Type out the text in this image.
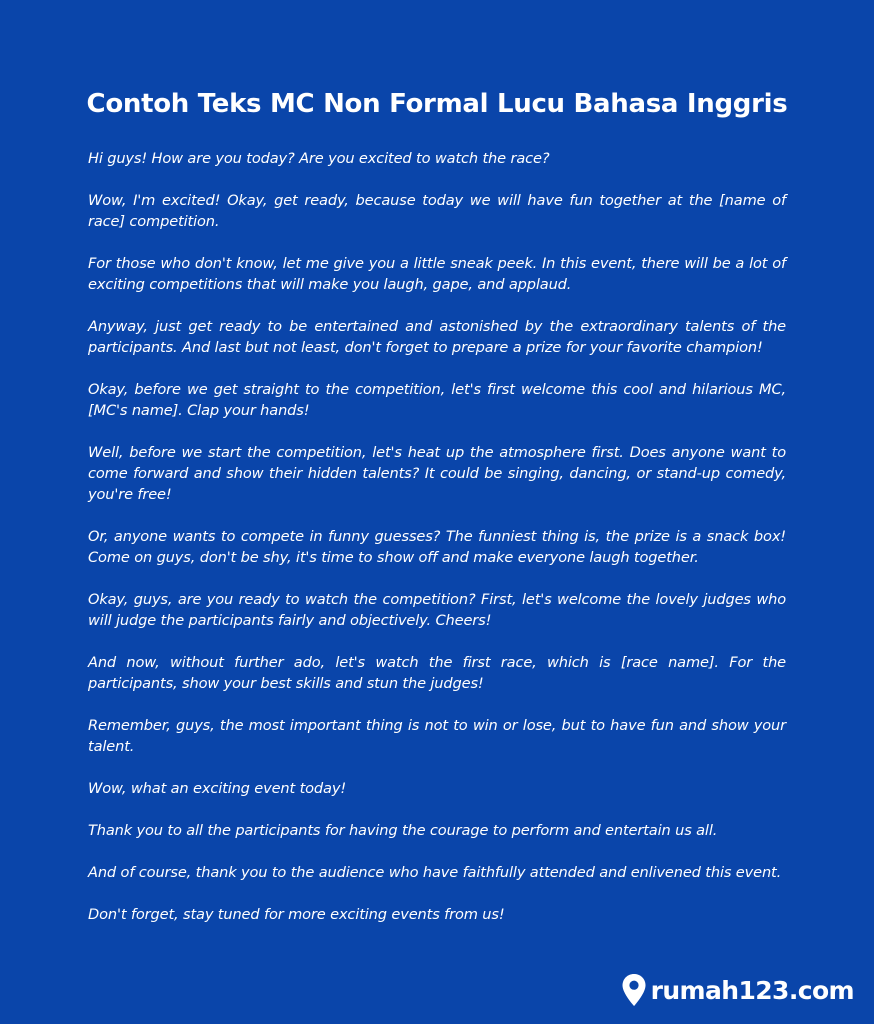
Contoh Teks MC Non Formal Lucu Bahasa Inggris

Hi guys! How are you today? Are you excited to watch the race?

Wow, I'm excited! Okay, get ready, because today we will have fun together at the [name of race] competition.

For those who don't know, let me give you a little sneak peek. In this event, there will be a lot of exciting competitions that will make you laugh, gape, and applaud.

Anyway, just get ready to be entertained and astonished by the extraordinary talents of the participants. And last but not least, don't forget to prepare a prize for your favorite champion!

Okay, before we get straight to the competition, let's first welcome this cool and hilarious MC, [MC's name]. Clap your hands!

Well, before we start the competition, let's heat up the atmosphere first. Does anyone want to come forward and show their hidden talents? It could be singing, dancing, or stand-up comedy, you're free!

Or, anyone wants to compete in funny guesses? The funniest thing is, the prize is a snack box! Come on guys, don't be shy, it's time to show off and make everyone laugh together.

Okay, guys, are you ready to watch the competition? First, let's welcome the lovely judges who will judge the participants fairly and objectively. Cheers!

And now, without further ado, let's watch the first race, which is [race name]. For the participants, show your best skills and stun the judges!

Remember, guys, the most important thing is not to win or lose, but to have fun and show your talent.

Wow, what an exciting event today!

Thank you to all the participants for having the courage to perform and entertain us all.

And of course, thank you to the audience who have faithfully attended and enlivened this event.

Don't forget, stay tuned for more exciting events from us!

rumah123.com
